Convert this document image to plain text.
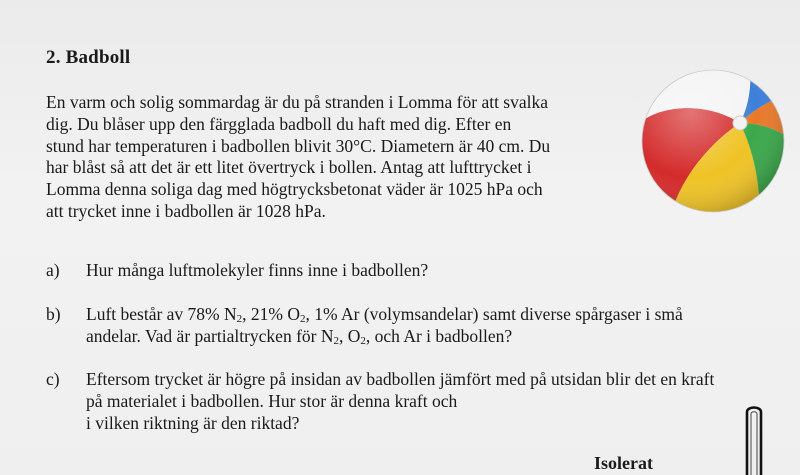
2. Badboll
En varm och solig sommardag är du på stranden i Lomma för att svalka
dig. Du blåser upp den färgglada badboll du haft med dig. Efter en
stund har temperaturen i badbollen blivit 30°C. Diametern är 40 cm. Du
har blåst så att det är ett litet övertryck i bollen. Antag att lufttrycket i
Lomma denna soliga dag med högtrycksbetonat väder är 1025 hPa och
att trycket inne i badbollen är 1028 hPa.
a) Hur många luftmolekyler finns inne i badbollen?
b) Luft består av 78% $N_2$, 21% $O_2$, 1% Ar (volymsandelar) samt diverse spårgaser i små
andelar. Vad är partialtrycken för $N_2$, $O_2$, och Ar i badbollen?
c) Eftersom trycket är högre på insidan av badbollen jämfört med på utsidan blir det en kraft
på materialet i badbollen. Hur stor är denna kraft och
i vilken riktning är den riktad?
Isolerat
